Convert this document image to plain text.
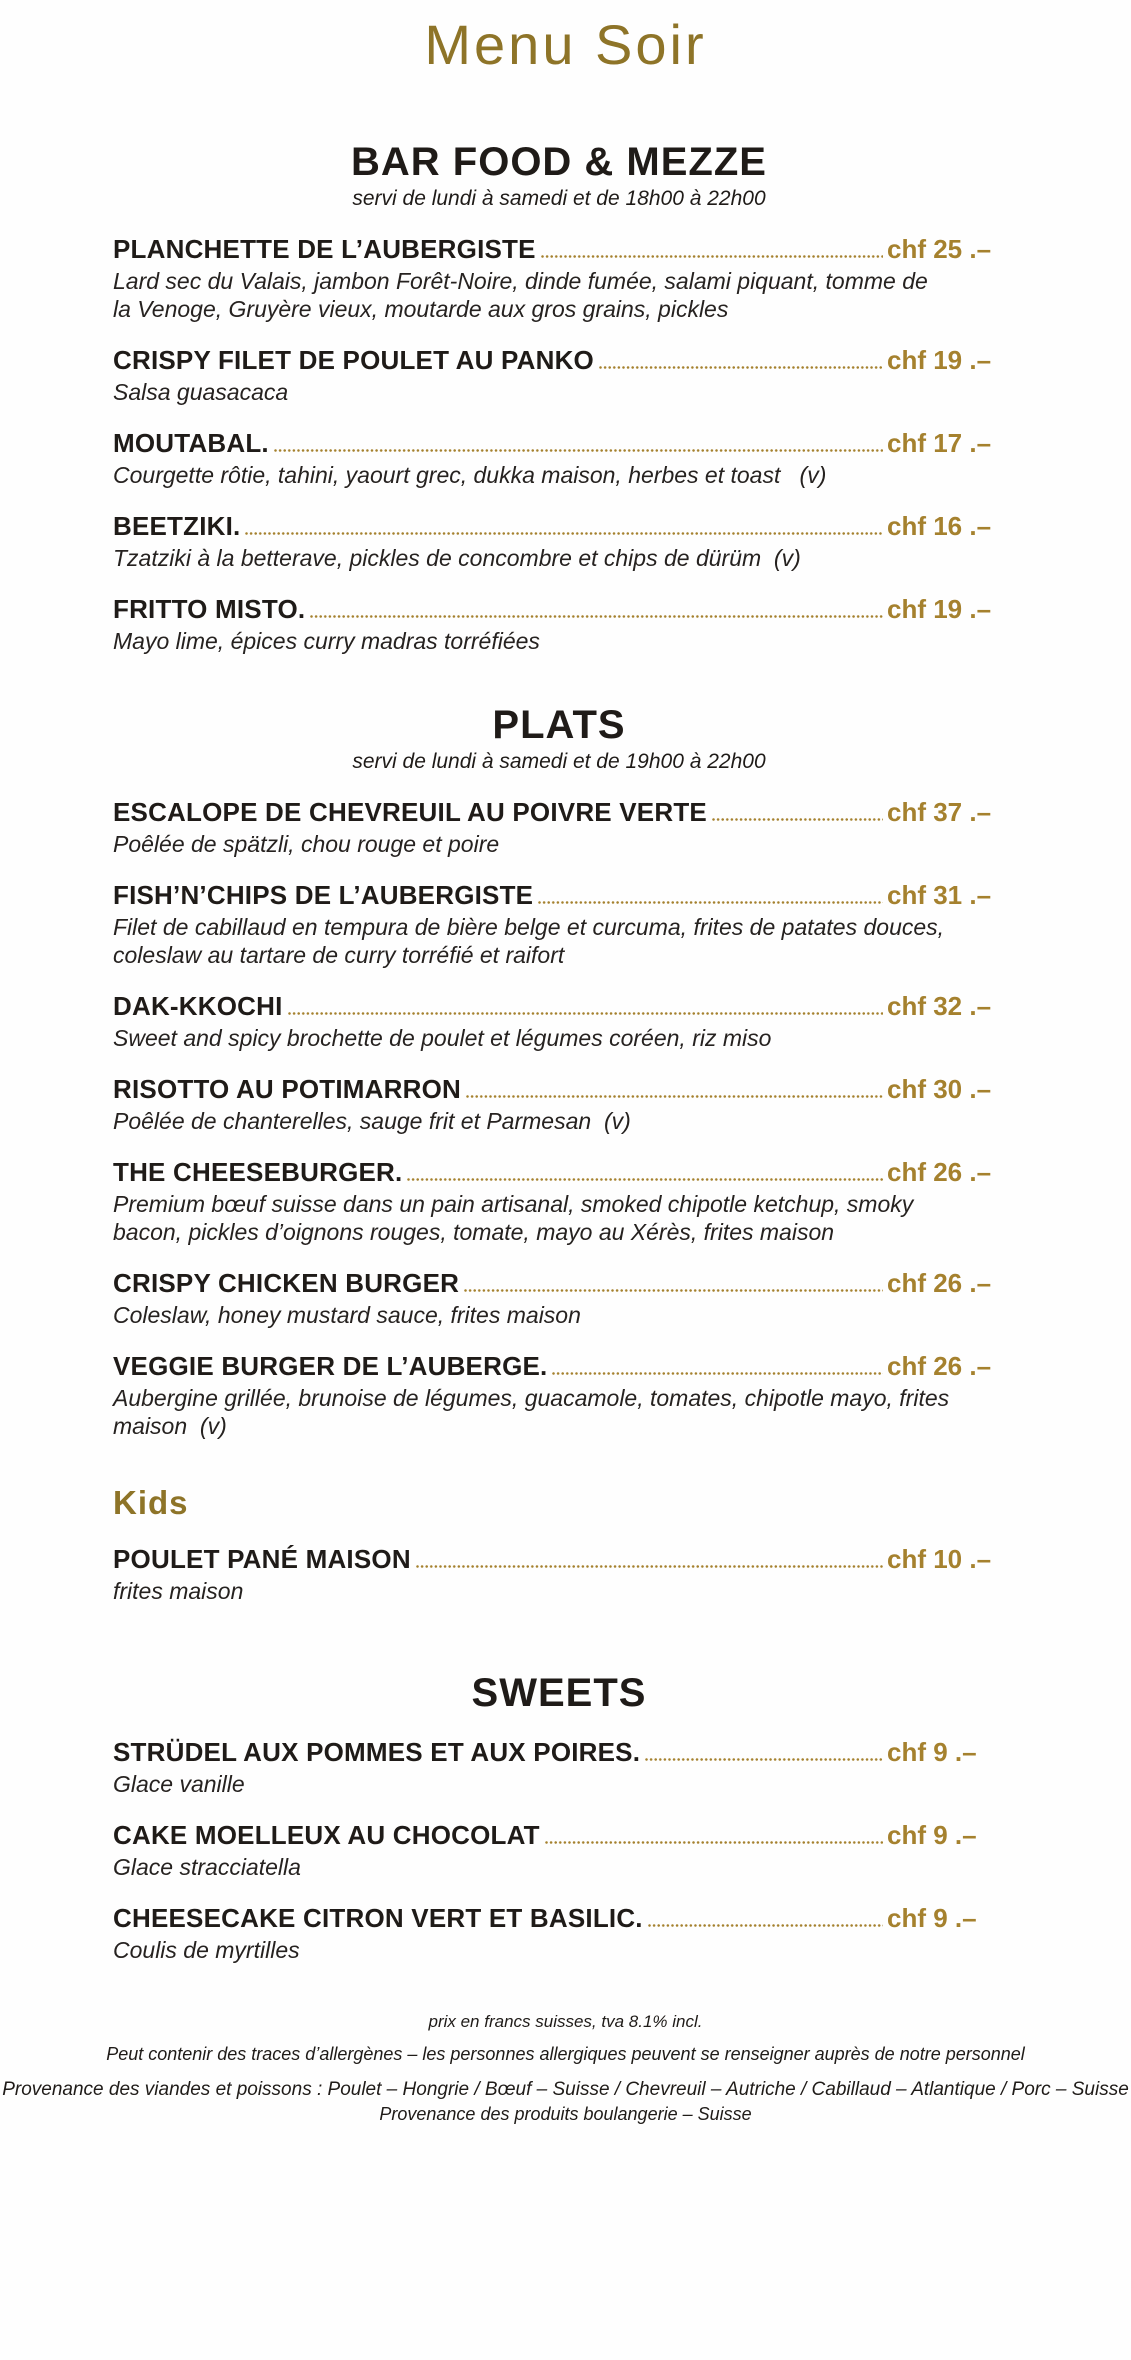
Menu Soir
BAR FOOD & MEZZE
servi de lundi à samedi et de 18h00 à 22h00
PLANCHETTE DE L’AUBERGISTE	chf 25 .–
Lard sec du Valais, jambon Forêt-Noire, dinde fumée, salami piquant, tomme de la Venoge, Gruyère vieux, moutarde aux gros grains, pickles
CRISPY FILET DE POULET AU PANKO	chf 19 .–
Salsa guasacaca
MOUTABAL.	chf 17 .–
Courgette rôtie, tahini, yaourt grec, dukka maison, herbes et toast   (v)
BEETZIKI.	chf 16 .–
Tzatziki à la betterave, pickles de concombre et chips de dürüm  (v)
FRITTO MISTO.	chf 19 .–
Mayo lime, épices curry madras torréfiées
PLATS
servi de lundi à samedi et de 19h00 à 22h00
ESCALOPE DE CHEVREUIL AU POIVRE VERTE	chf 37 .–
Poêlée de spätzli, chou rouge et poire
FISH’N’CHIPS DE L’AUBERGISTE	chf 31 .–
Filet de cabillaud en tempura de bière belge et curcuma, frites de patates douces, coleslaw au tartare de curry torréfié et raifort
DAK-KKOCHI	chf 32 .–
Sweet and spicy brochette de poulet et légumes coréen, riz miso
RISOTTO AU POTIMARRON	chf 30 .–
Poêlée de chanterelles, sauge frit et Parmesan  (v)
THE CHEESEBURGER.	chf 26 .–
Premium bœuf suisse dans un pain artisanal, smoked chipotle ketchup, smoky bacon, pickles d’oignons rouges, tomate, mayo au Xérès, frites maison
CRISPY CHICKEN BURGER	chf 26 .–
Coleslaw, honey mustard sauce, frites maison
VEGGIE BURGER DE L’AUBERGE.	chf 26 .–
Aubergine grillée, brunoise de légumes, guacamole, tomates, chipotle mayo, frites maison  (v)
Kids
POULET PANÉ MAISON	chf 10 .–
frites maison
SWEETS
STRÜDEL AUX POMMES ET AUX POIRES.	chf 9 .–
Glace vanille
CAKE MOELLEUX AU CHOCOLAT	chf 9 .–
Glace stracciatella
CHEESECAKE CITRON VERT ET BASILIC.	chf 9 .–
Coulis de myrtilles
prix en francs suisses, tva 8.1% incl.
Peut contenir des traces d’allergènes – les personnes allergiques peuvent se renseigner auprès de notre personnel
Provenance des viandes et poissons : Poulet – Hongrie / Bœuf – Suisse / Chevreuil – Autriche / Cabillaud – Atlantique / Porc – Suisse
Provenance des produits boulangerie – Suisse
